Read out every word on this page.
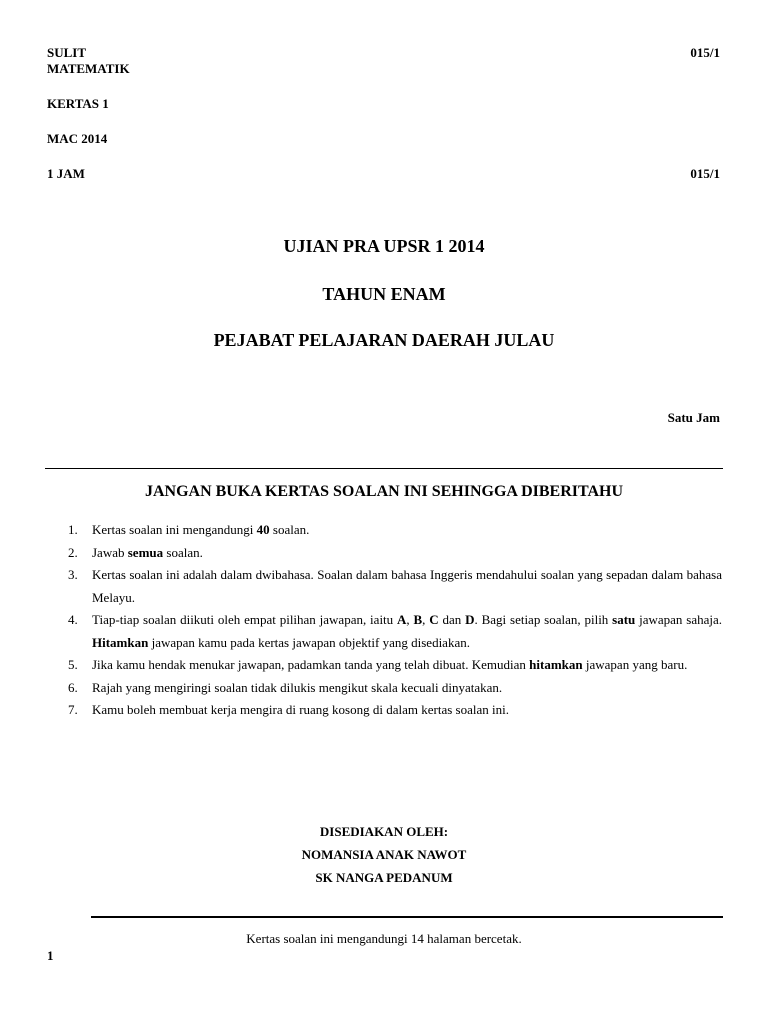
SULIT	015/1
MATEMATIK
KERTAS 1
MAC 2014
1 JAM	015/1
UJIAN PRA UPSR 1 2014
TAHUN ENAM
PEJABAT PELAJARAN DAERAH JULAU
Satu Jam
JANGAN BUKA KERTAS SOALAN INI SEHINGGA DIBERITAHU
1. Kertas soalan ini mengandungi 40 soalan.
2. Jawab semua soalan.
3. Kertas soalan ini adalah dalam dwibahasa. Soalan dalam bahasa Inggeris mendahului soalan yang sepadan dalam bahasa Melayu.
4. Tiap-tiap soalan diikuti oleh empat pilihan jawapan, iaitu A, B, C dan D. Bagi setiap soalan, pilih satu jawapan sahaja. Hitamkan jawapan kamu pada kertas jawapan objektif yang disediakan.
5. Jika kamu hendak menukar jawapan, padamkan tanda yang telah dibuat. Kemudian hitamkan jawapan yang baru.
6. Rajah yang mengiringi soalan tidak dilukis mengikut skala kecuali dinyatakan.
7. Kamu boleh membuat kerja mengira di ruang kosong di dalam kertas soalan ini.
DISEDIAKAN OLEH:
NOMANSIA ANAK NAWOT
SK NANGA PEDANUM
Kertas soalan ini mengandungi 14 halaman bercetak.
1
